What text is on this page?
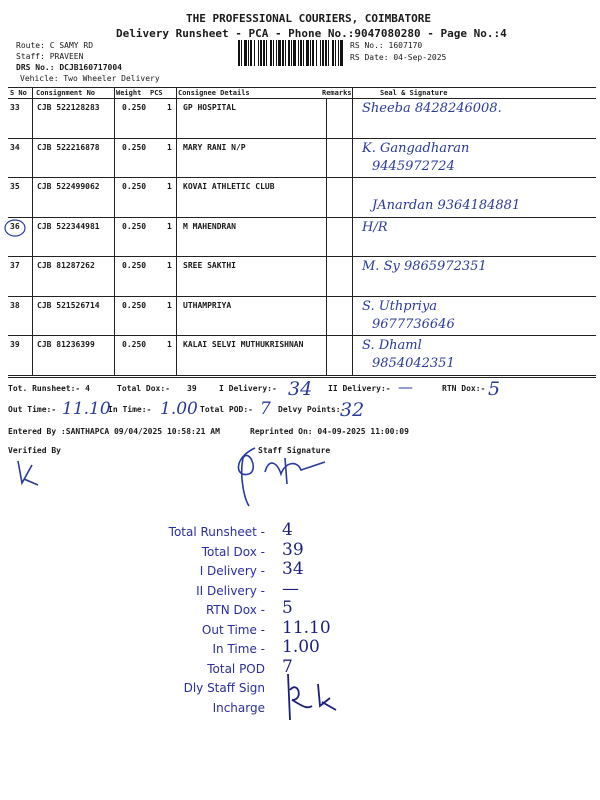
THE PROFESSIONAL COURIERS, COIMBATORE
Delivery Runsheet - PCA - Phone No.:9047080280 - Page No.:4
Route: C SAMY RD
Staff: PRAVEEN
DRS No.: DCJB160717004
Vehicle: Two Wheeler Delivery
RS No.: 1607170
RS Date: 04-Sep-2025
S No Consignment No	Weight PCS Consignee Details	Remarks	Seal & Signature
33 CJB 522128283	0.250	1 GP HOSPITAL	Sheeba 8428246008.
34 CJB 522216878	0.250	1 MARY RANI N/P	K. Gangadharan
9445972724
35 CJB 522499062	0.250	1 KOVAI ATHLETIC CLUB
JAnardan 9364184881
36 CJB 522344981	0.250	1 M MAHENDRAN	H/R
37 CJB 81287262	0.250	1 SREE SAKTHI	M. Sy 9865972351
38 CJB 521526714	0.250	1 UTHAMPRIYA	S. Uthpriya
9677736646
39 CJB 81236399	0.250	1 KALAI SELVI MUTHUKRISHNAN	S. Dhaml
9854042351
Tot. Runsheet:- 4	Total Dox:- 39	I Delivery:- 34 II Delivery:- —	RTN Dox:- 5
Out Time:- 11.10
In Time:- 1.00 Total POD:- 7 Delvy Points:-
32
Entered By :SANTHAPCA 09/04/2025 10:58:21 AM	Reprinted On: 04-09-2025 11:00:09
Verified By	Staff Signature
Total Runsheet - 4
Total Dox - 39
I Delivery - 34
II Delivery - —
RTN Dox - 5
Out Time - 11.10
In Time - 1.00
Total POD 7
Dly Staff Sign
Incharge
